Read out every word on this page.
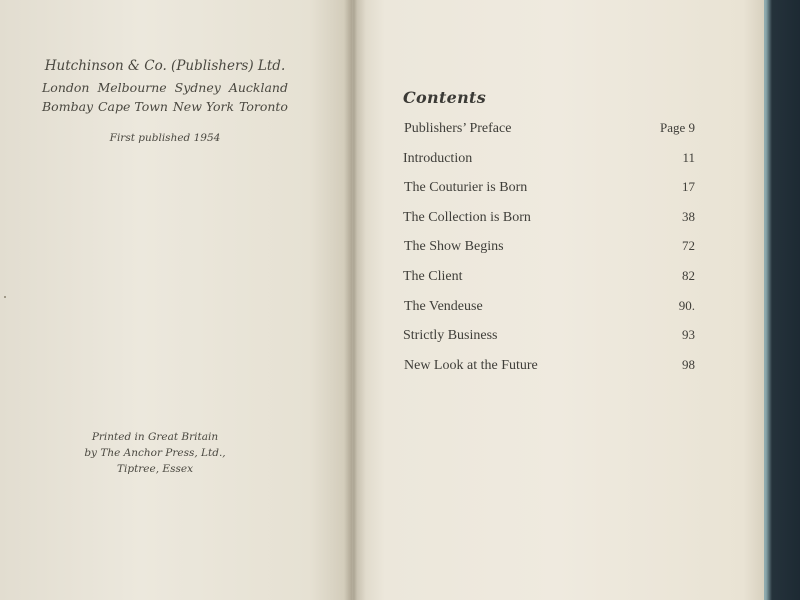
Hutchinson & Co. (Publishers) Ltd.
London Melbourne Sydney Auckland
Bombay Cape Town New York Toronto
First published 1954
Printed in Great Britain
by The Anchor Press, Ltd.,
Tiptree, Essex
Contents
Publishers’ Preface	Page 9
Introduction	11
The Couturier is Born	17
The Collection is Born	38
The Show Begins	72
The Client	82
The Vendeuse	90.
Strictly Business	93
New Look at the Future	98
